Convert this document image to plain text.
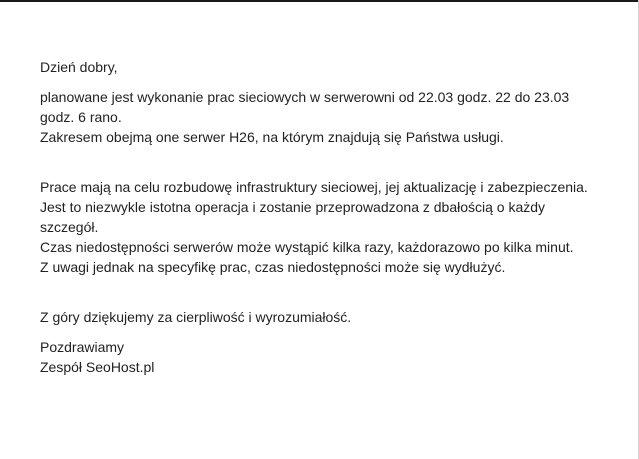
Dzień dobry,

planowane jest wykonanie prac sieciowych w serwerowni od 22.03 godz. 22 do 23.03
godz. 6 rano.
Zakresem obejmą one serwer H26, na którym znajdują się Państwa usługi.

Prace mają na celu rozbudowę infrastruktury sieciowej, jej aktualizację i zabezpieczenia.
Jest to niezwykle istotna operacja i zostanie przeprowadzona z dbałością o każdy
szczegół.
Czas niedostępności serwerów może wystąpić kilka razy, każdorazowo po kilka minut.
Z uwagi jednak na specyfikę prac, czas niedostępności może się wydłużyć.

Z góry dziękujemy za cierpliwość i wyrozumiałość.

Pozdrawiamy

Zespół SeoHost.pl
